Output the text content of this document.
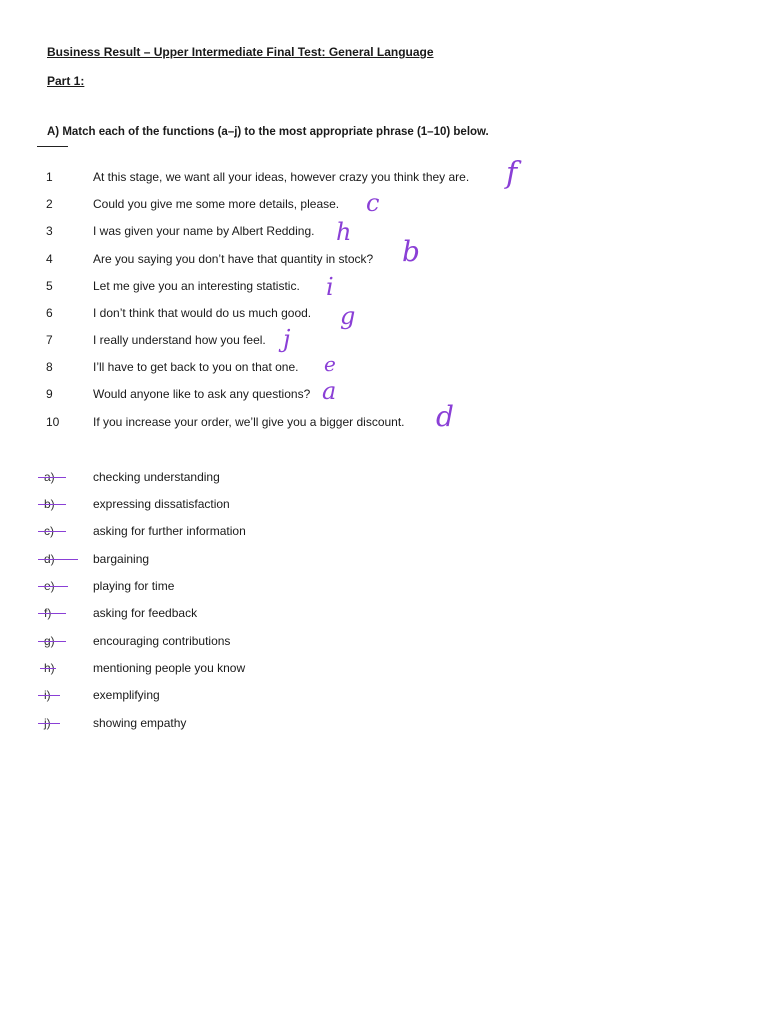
Business Result – Upper Intermediate Final Test: General Language
Part 1:
A) Match each of the functions (a–j) to the most appropriate phrase (1–10) below.
1	At this stage, we want all your ideas, however crazy you think they are. f
2	Could you give me some more details, please. c
3	I was given your name by Albert Redding. h
4	Are you saying you don’t have that quantity in stock? b
5	Let me give you an interesting statistic. i
6	I don’t think that would do us much good. g
7	I really understand how you feel. j
8	I’ll have to get back to you on that one. e
9	Would anyone like to ask any questions? a
10	If you increase your order, we’ll give you a bigger discount. d
a)	checking understanding
b)	expressing dissatisfaction
c)	asking for further information
d)	bargaining
e)	playing for time
f)	asking for feedback
g)	encouraging contributions
h)	mentioning people you know
i)	exemplifying
j)	showing empathy
